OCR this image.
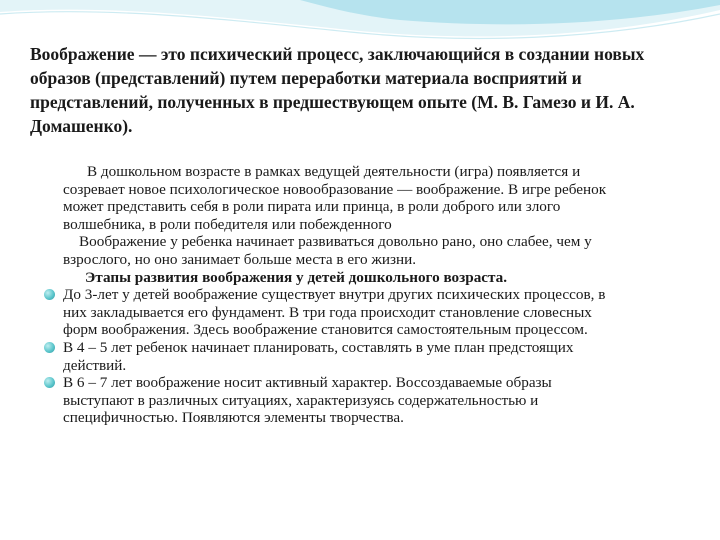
Воображение — это психический процесс, заключающийся в создании новых образов (представлений) путем переработки материала восприятий и представлений, полученных в предшествующем опыте (М. В. Гамезо и И. А. Домашенко).

В дошкольном возрасте в рамках ведущей деятельности (игра) появляется и созревает новое психологическое новообразование — воображение. В игре ребенок может представить себя в роли пирата или принца, в роли доброго или злого волшебника, в роли победителя или побежденного

Воображение у ребенка начинает развиваться довольно рано, оно слабее, чем у взрослого, но оно занимает больше места в его жизни.

Этапы развития воображения у детей дошкольного возраста.

До 3-лет у детей воображение существует внутри других психических процессов, в них закладывается его фундамент. В три года происходит становление словесных форм воображения. Здесь воображение становится самостоятельным процессом.
В 4 – 5 лет ребенок начинает планировать, составлять в уме план предстоящих действий.
В 6 – 7 лет воображение носит активный характер. Воссоздаваемые образы выступают в различных ситуациях, характеризуясь содержательностью и специфичностью. Появляются элементы творчества.
